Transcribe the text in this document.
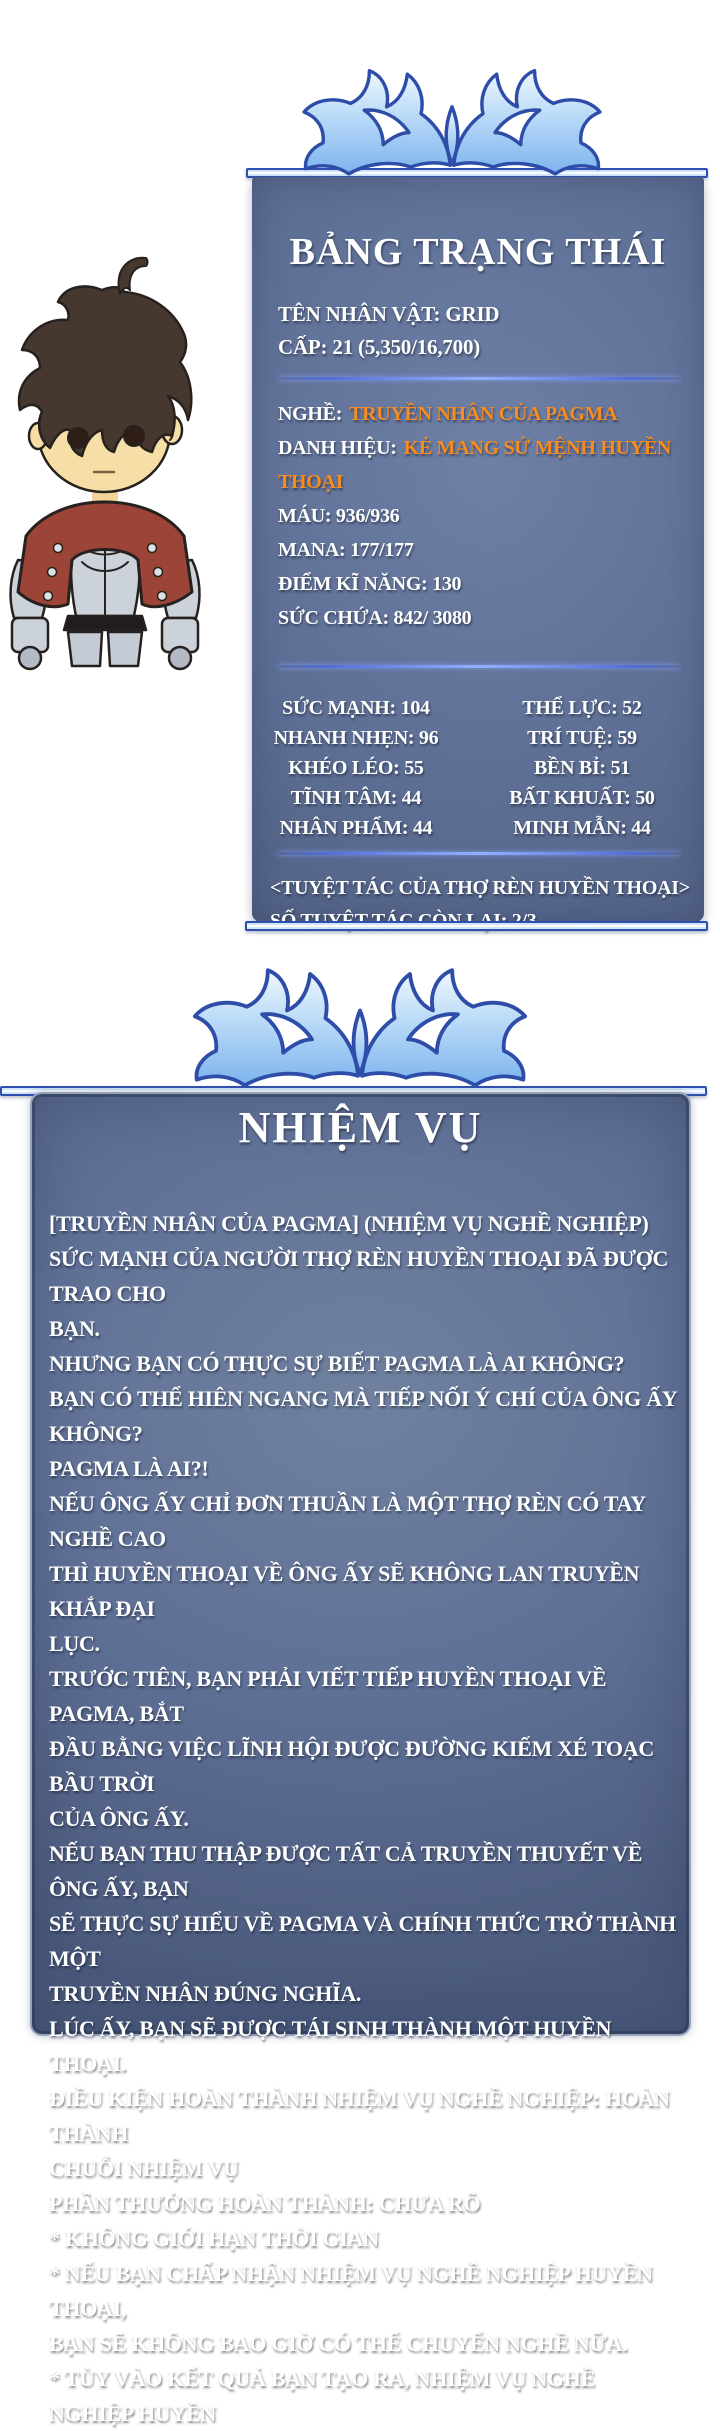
BẢNG TRẠNG THÁI
TÊN NHÂN VẬT: GRID
CẤP: 21 (5,350/16,700)
NGHỀ: TRUYỀN NHÂN CỦA PAGMA
DANH HIỆU: KẺ MANG SỨ MỆNH HUYỀN THOẠI
MÁU: 936/936
MANA: 177/177
ĐIỂM KĨ NĂNG: 130
SỨC CHỨA: 842/ 3080
SỨC MẠNH: 104
NHANH NHẸN: 96
KHÉO LÉO: 55
TĨNH TÂM: 44
NHÂN PHẨM: 44
THỂ LỰC: 52
TRÍ TUỆ: 59
BỀN BỈ: 51
BẤT KHUẤT: 50
MINH MẪN: 44
<TUYỆT TÁC CỦA THỢ RÈN HUYỀN THOẠI>
NHIỆM VỤ
[TRUYỀN NHÂN CỦA PAGMA] (NHIỆM VỤ NGHỀ NGHIỆP)
SỨC MẠNH CỦA NGƯỜI THỢ RÈN HUYỀN THOẠI ĐÃ ĐƯỢC TRAO CHO
BẠN.
NHƯNG BẠN CÓ THỰC SỰ BIẾT PAGMA LÀ AI KHÔNG?
BẠN CÓ THỂ HIÊN NGANG MÀ TIẾP NỐI Ý CHÍ CỦA ÔNG ẤY KHÔNG?
PAGMA LÀ AI?!
NẾU ÔNG ẤY CHỈ ĐƠN THUẦN LÀ MỘT THỢ RÈN CÓ TAY NGHỀ CAO
THÌ HUYỀN THOẠI VỀ ÔNG ẤY SẼ KHÔNG LAN TRUYỀN KHẮP ĐẠI
LỤC.
TRƯỚC TIÊN, BẠN PHẢI VIẾT TIẾP HUYỀN THOẠI VỀ PAGMA, BẮT
ĐẦU BẰNG VIỆC LĨNH HỘI ĐƯỢC ĐƯỜNG KIẾM XÉ TOẠC BẦU TRỜI
CỦA ÔNG ẤY.
NẾU BẠN THU THẬP ĐƯỢC TẤT CẢ TRUYỀN THUYẾT VỀ ÔNG ẤY, BẠN
SẼ THỰC SỰ HIỂU VỀ PAGMA VÀ CHÍNH THỨC TRỞ THÀNH MỘT
TRUYỀN NHÂN ĐÚNG NGHĨA.
LÚC ẤY, BẠN SẼ ĐƯỢC TÁI SINH THÀNH MỘT HUYỀN THOẠI.
ĐIỀU KIỆN HOÀN THÀNH NHIỆM VỤ NGHỀ NGHIỆP: HOÀN THÀNH
CHUỖI NHIỆM VỤ
PHẦN THƯỞNG HOÀN THÀNH: CHƯA RÕ
* KHÔNG GIỚI HẠN THỜI GIAN
* NẾU BẠN CHẤP NHẬN NHIỆM VỤ NGHỀ NGHIỆP HUYỀN THOẠI,
BẠN SẼ KHÔNG BAO GIỜ CÓ THỂ CHUYỂN NGHỀ NỮA.
* TÙY VÀO KẾT QUẢ BẠN TẠO RA, NHIỆM VỤ NGHỀ NGHIỆP HUYỀN
